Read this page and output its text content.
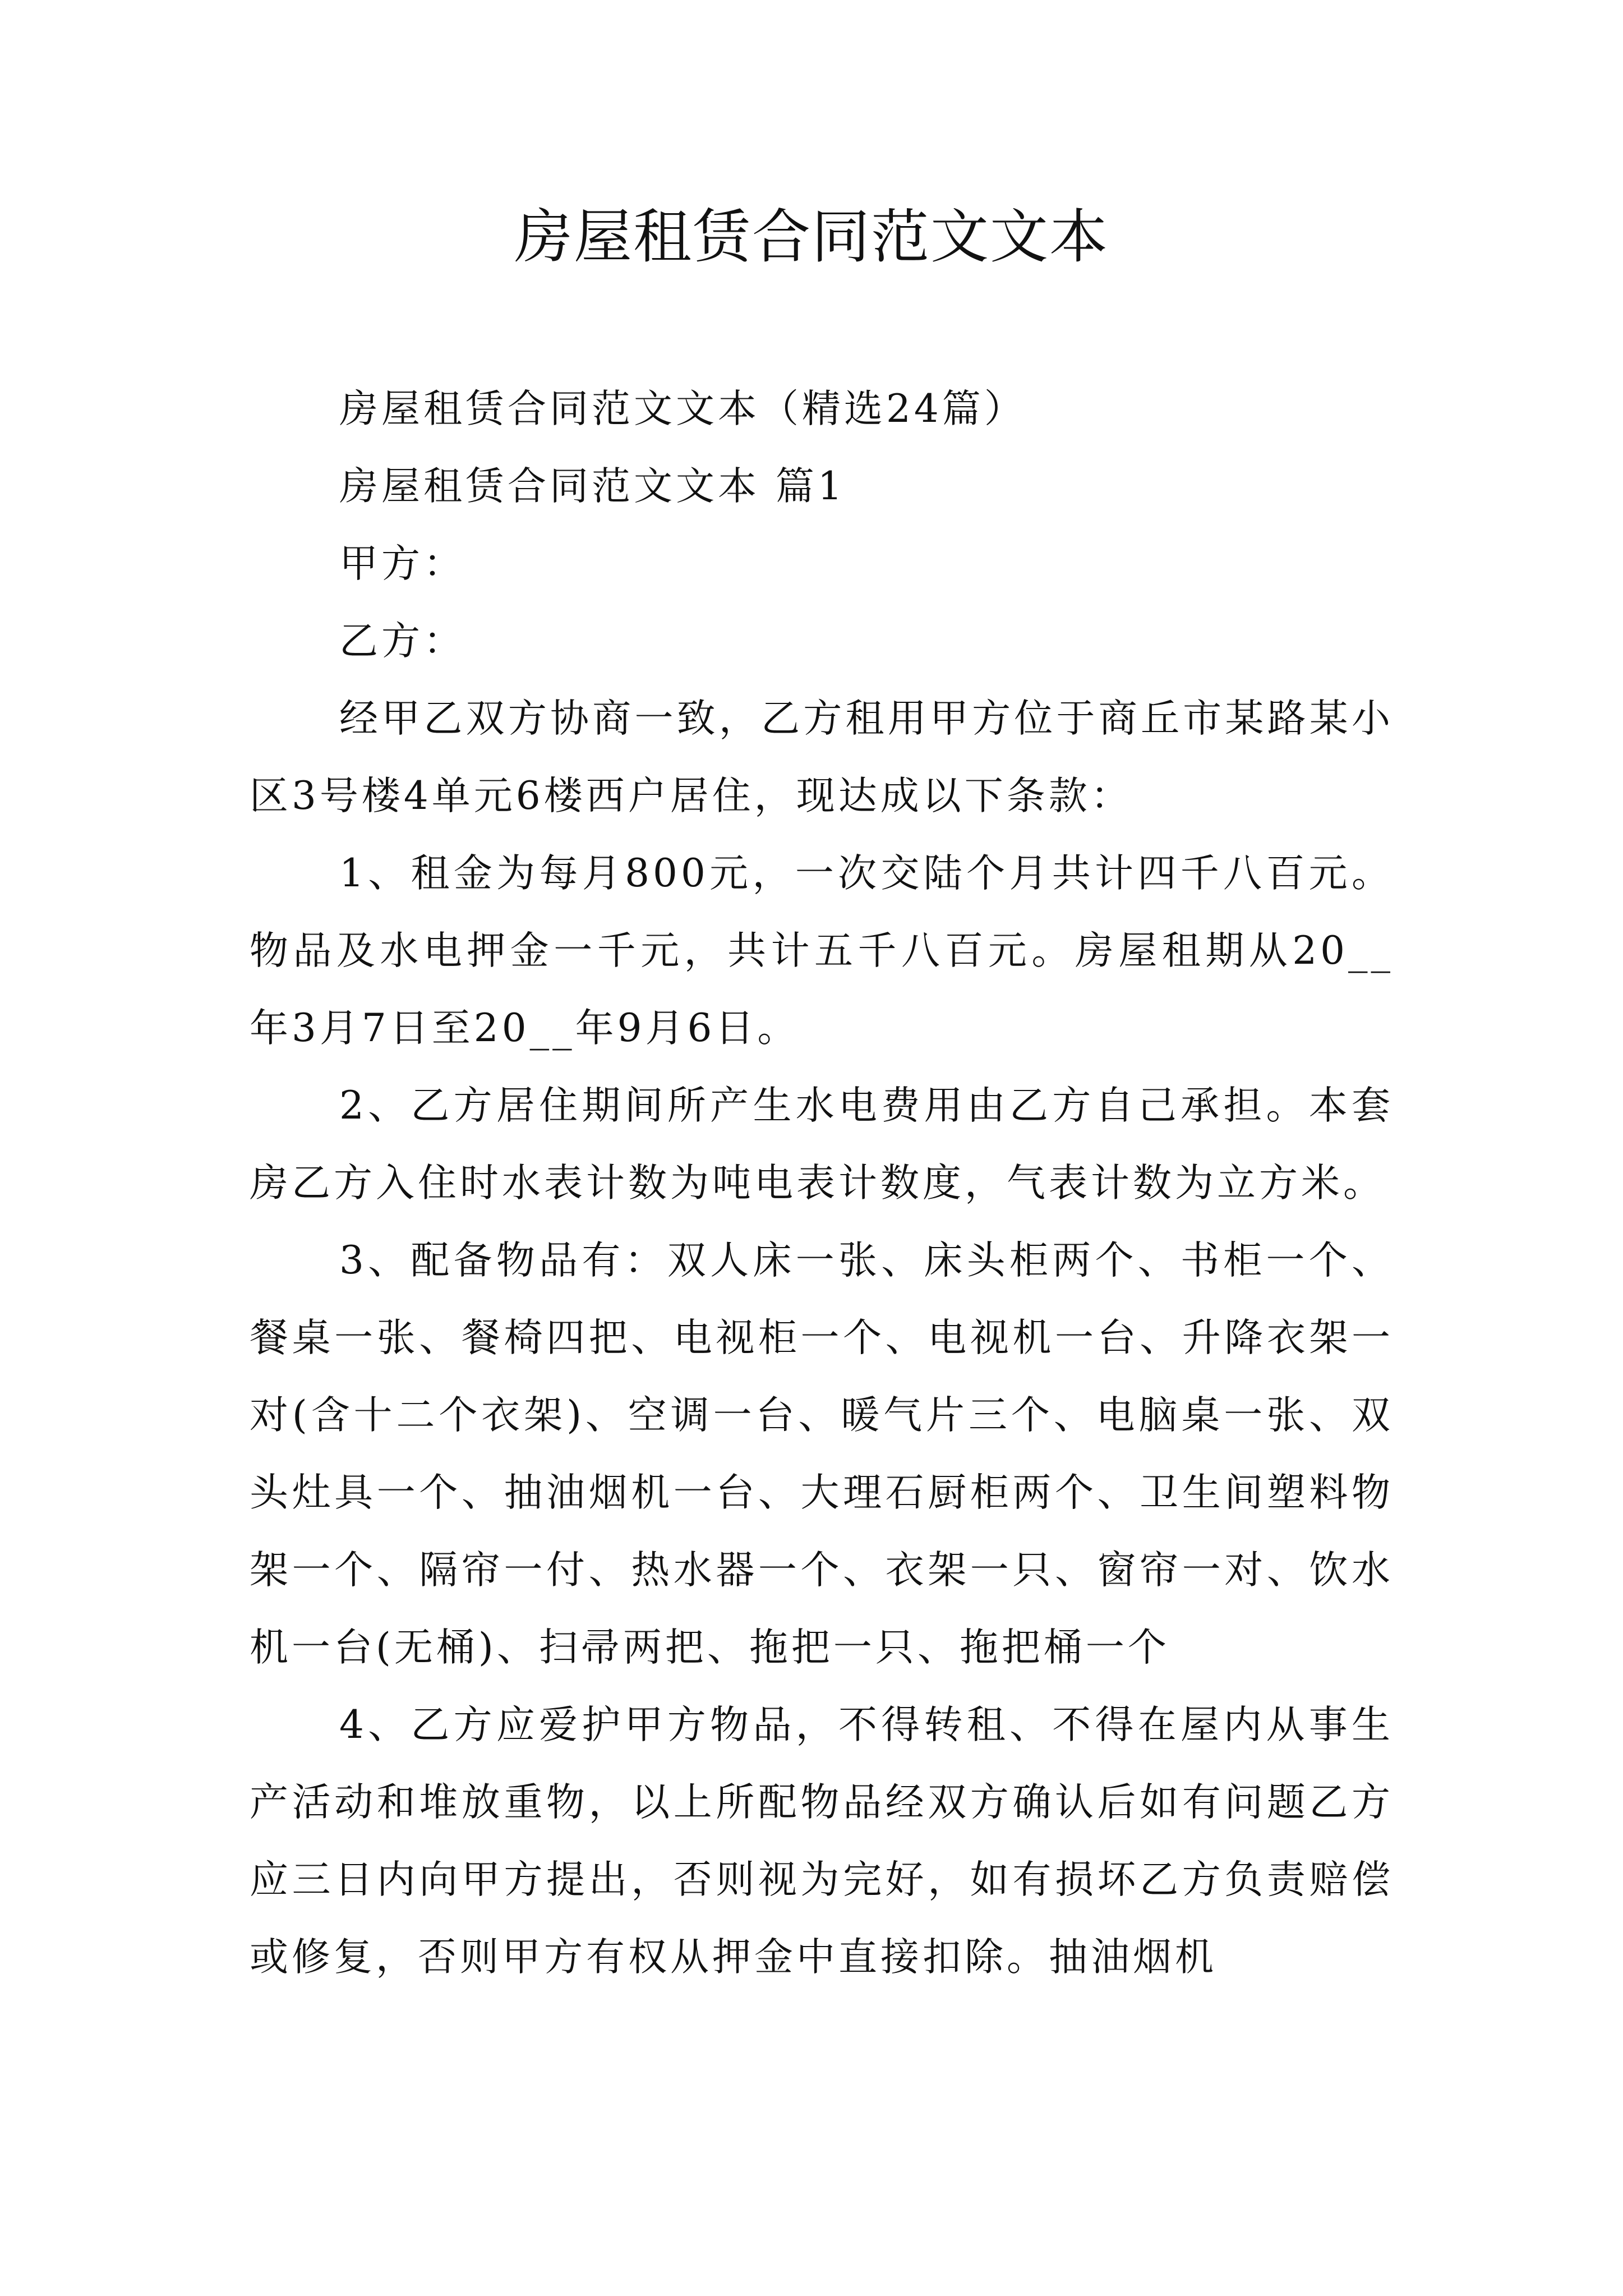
房屋租赁合同范文文本

房屋租赁合同范文文本（精选24篇）

房屋租赁合同范文文本 篇1

甲方：

乙方：

经甲乙双方协商一致，乙方租用甲方位于商丘市某路某小区3号楼4单元6楼西户居住，现达成以下条款：

1、租金为每月800元，一次交陆个月共计四千八百元。物品及水电押金一千元，共计五千八百元。房屋租期从20__年3月7日至20__年9月6日。

2、乙方居住期间所产生水电费用由乙方自己承担。本套房乙方入住时水表计数为吨电表计数度，气表计数为立方米。

3、配备物品有：双人床一张、床头柜两个、书柜一个、餐桌一张、餐椅四把、电视柜一个、电视机一台、升降衣架一对(含十二个衣架)、空调一台、暖气片三个、电脑桌一张、双头灶具一个、抽油烟机一台、大理石厨柜两个、卫生间塑料物架一个、隔帘一付、热水器一个、衣架一只、窗帘一对、饮水机一台(无桶)、扫帚两把、拖把一只、拖把桶一个

4、乙方应爱护甲方物品，不得转租、不得在屋内从事生产活动和堆放重物，以上所配物品经双方确认后如有问题乙方应三日内向甲方提出，否则视为完好，如有损坏乙方负责赔偿或修复，否则甲方有权从押金中直接扣除。抽油烟机
